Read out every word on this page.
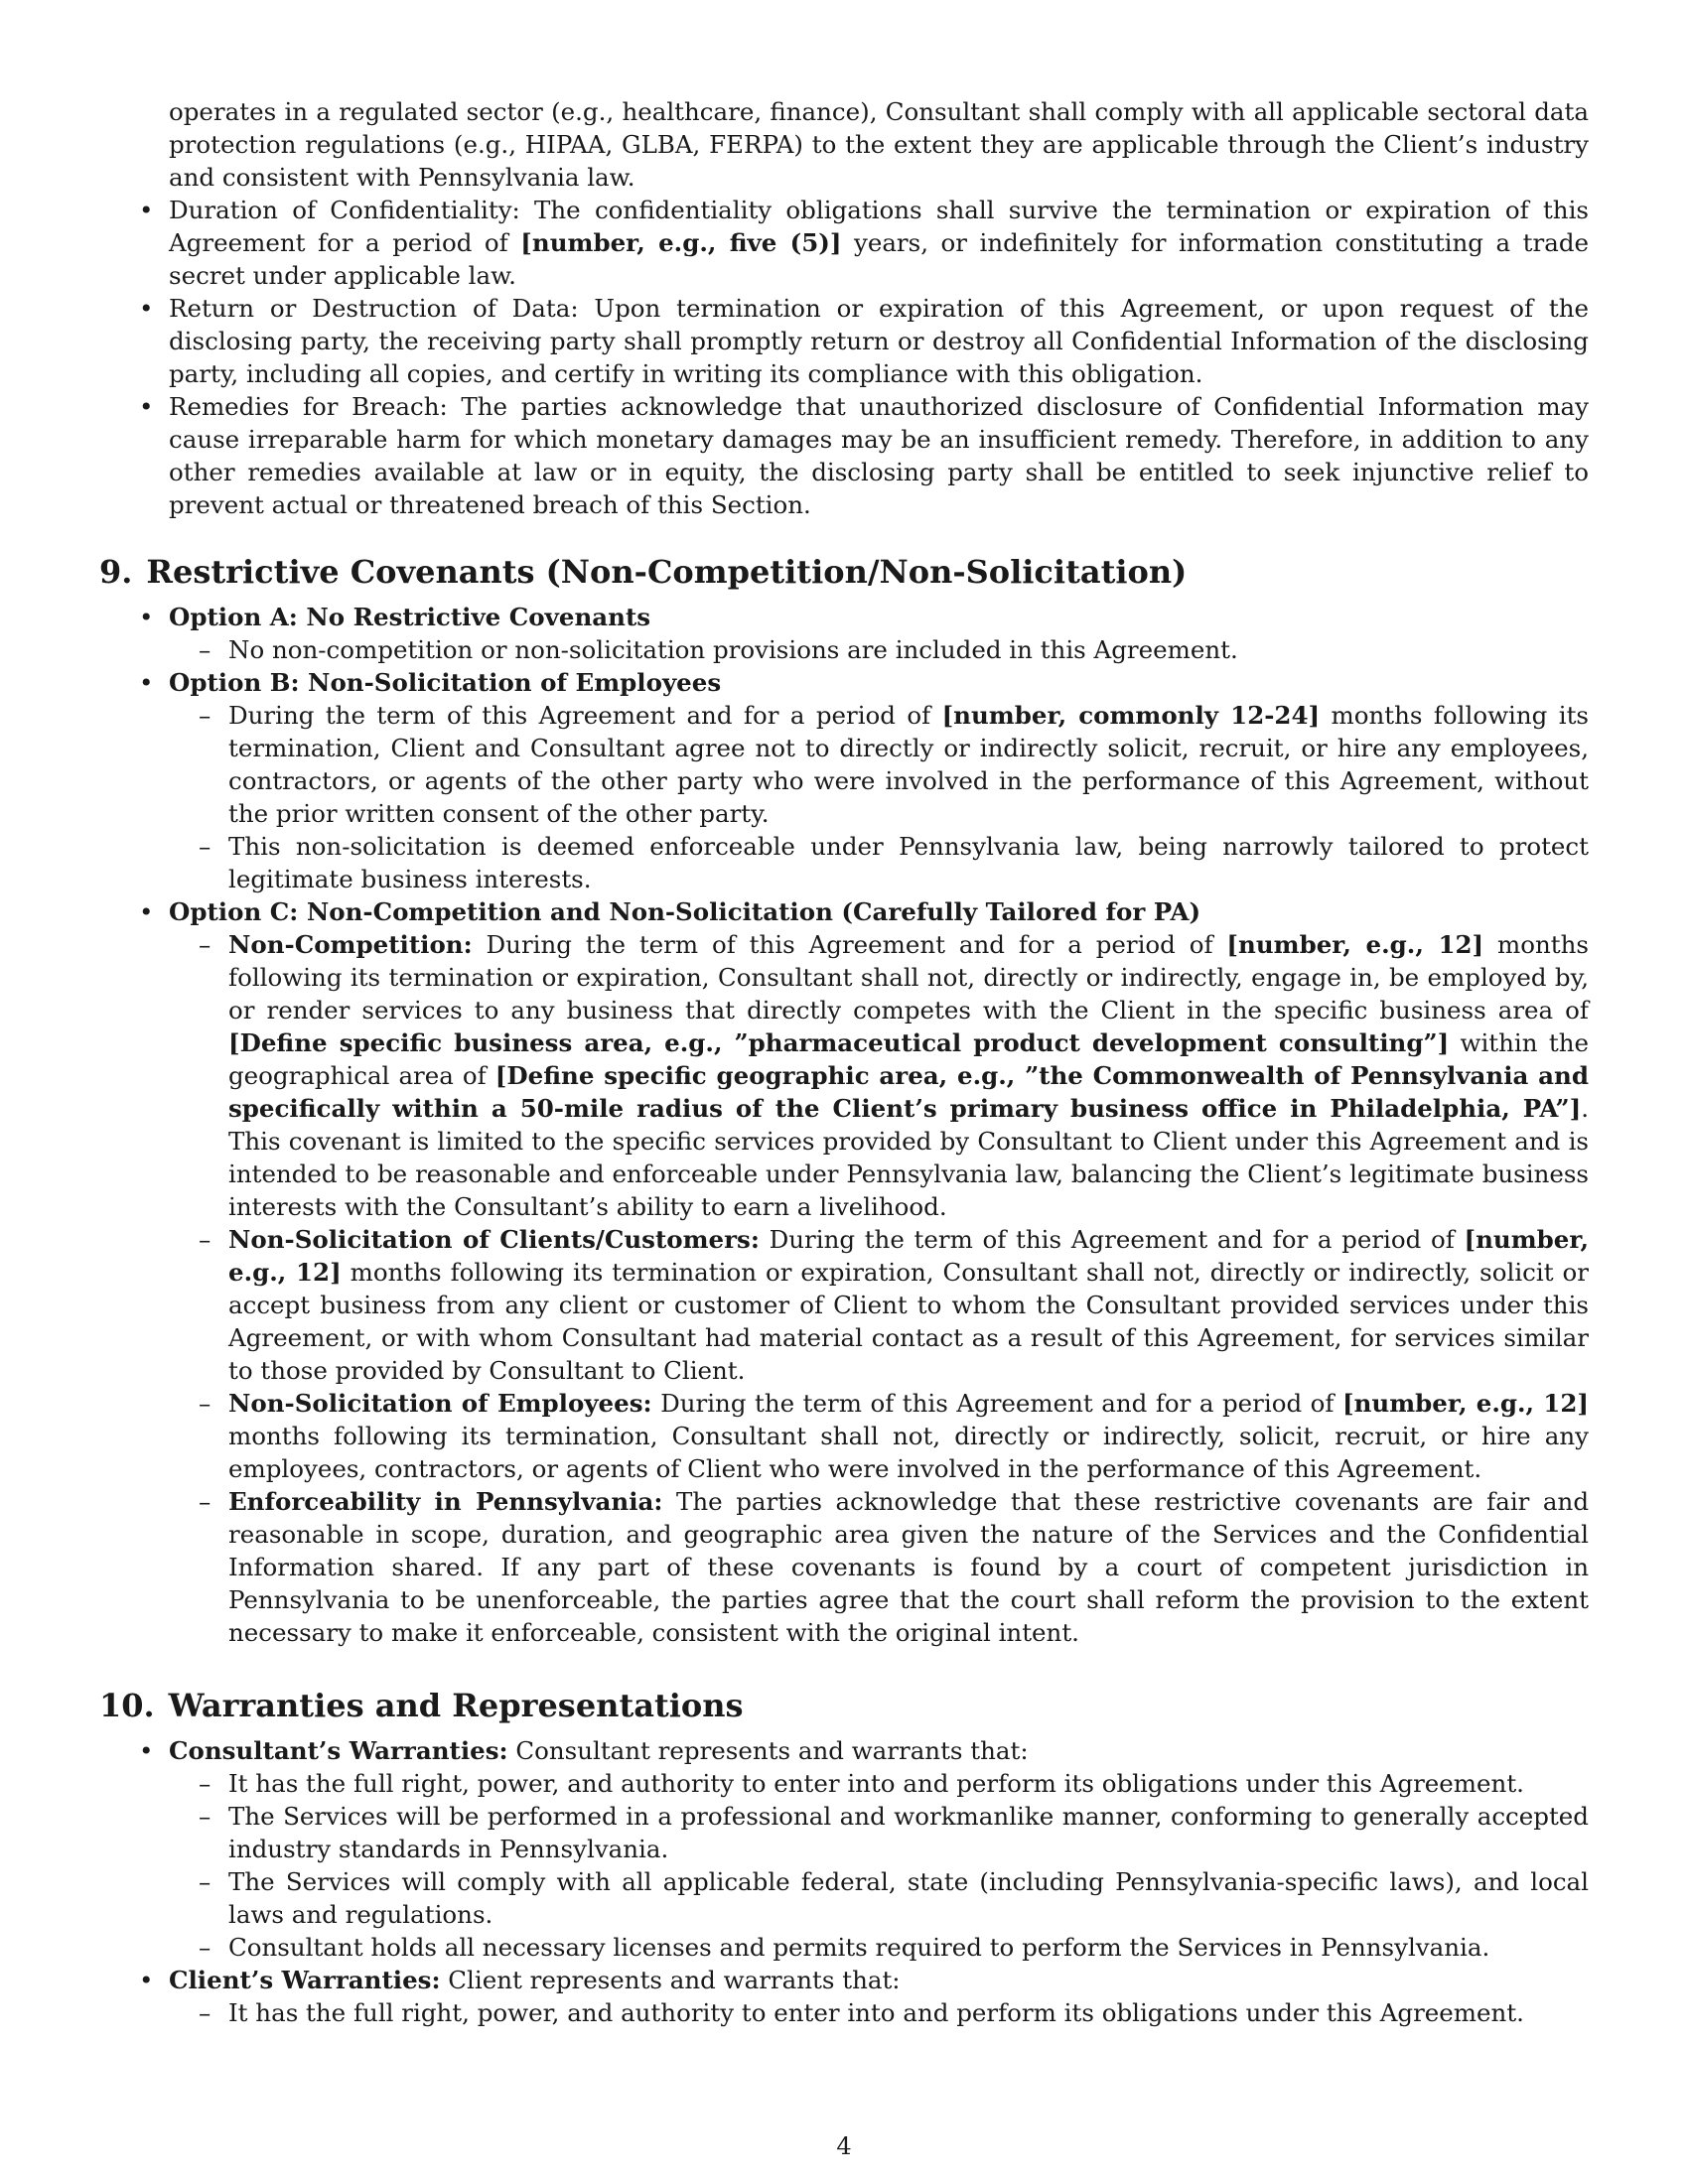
operates in a regulated sector (e.g., healthcare, finance), Consultant shall comply with all applicable sectoral data protection regulations (e.g., HIPAA, GLBA, FERPA) to the extent they are applicable through the Client’s industry and consistent with Pennsylvania law.

• Duration of Confidentiality: The confidentiality obligations shall survive the termination or expiration of this Agreement for a period of [number, e.g., five (5)] years, or indefinitely for information constituting a trade secret under applicable law.
• Return or Destruction of Data: Upon termination or expiration of this Agreement, or upon request of the disclosing party, the receiving party shall promptly return or destroy all Confidential Information of the disclosing party, including all copies, and certify in writing its compliance with this obligation.
• Remedies for Breach: The parties acknowledge that unauthorized disclosure of Confidential Information may cause irreparable harm for which monetary damages may be an insufficient remedy. Therefore, in addition to any other remedies available at law or in equity, the disclosing party shall be entitled to seek injunctive relief to prevent actual or threatened breach of this Section.
9. Restrictive Covenants (Non-Competition/Non-Solicitation)
• Option A: No Restrictive Covenants
– No non-competition or non-solicitation provisions are included in this Agreement.
• Option B: Non-Solicitation of Employees
– During the term of this Agreement and for a period of [number, commonly 12-24] months following its termination, Client and Consultant agree not to directly or indirectly solicit, recruit, or hire any employees, contractors, or agents of the other party who were involved in the performance of this Agreement, without the prior written consent of the other party.
– This non-solicitation is deemed enforceable under Pennsylvania law, being narrowly tailored to protect legitimate business interests.
• Option C: Non-Competition and Non-Solicitation (Carefully Tailored for PA)
– Non-Competition: During the term of this Agreement and for a period of [number, e.g., 12] months following its termination or expiration, Consultant shall not, directly or indirectly, engage in, be employed by, or render services to any business that directly competes with the Client in the specific business area of [Define specific business area, e.g., ”pharmaceutical product development consulting”] within the geographical area of [Define specific geographic area, e.g., ”the Commonwealth of Pennsylvania and specifically within a 50-mile radius of the Client’s primary business office in Philadelphia, PA”]. This covenant is limited to the specific services provided by Consultant to Client under this Agreement and is intended to be reasonable and enforceable under Pennsylvania law, balancing the Client’s legitimate business interests with the Consultant’s ability to earn a livelihood.
– Non-Solicitation of Clients/Customers: During the term of this Agreement and for a period of [number, e.g., 12] months following its termination or expiration, Consultant shall not, directly or indirectly, solicit or accept business from any client or customer of Client to whom the Consultant provided services under this Agreement, or with whom Consultant had material contact as a result of this Agreement, for services similar to those provided by Consultant to Client.
– Non-Solicitation of Employees: During the term of this Agreement and for a period of [number, e.g., 12] months following its termination, Consultant shall not, directly or indirectly, solicit, recruit, or hire any employees, contractors, or agents of Client who were involved in the performance of this Agreement.
– Enforceability in Pennsylvania: The parties acknowledge that these restrictive covenants are fair and reasonable in scope, duration, and geographic area given the nature of the Services and the Confidential Information shared. If any part of these covenants is found by a court of competent jurisdiction in Pennsylvania to be unenforceable, the parties agree that the court shall reform the provision to the extent necessary to make it enforceable, consistent with the original intent.
10. Warranties and Representations
• Consultant’s Warranties: Consultant represents and warrants that:
– It has the full right, power, and authority to enter into and perform its obligations under this Agreement.
– The Services will be performed in a professional and workmanlike manner, conforming to generally accepted industry standards in Pennsylvania.
– The Services will comply with all applicable federal, state (including Pennsylvania-specific laws), and local laws and regulations.
– Consultant holds all necessary licenses and permits required to perform the Services in Pennsylvania.
• Client’s Warranties: Client represents and warrants that:
– It has the full right, power, and authority to enter into and perform its obligations under this Agreement.
4
